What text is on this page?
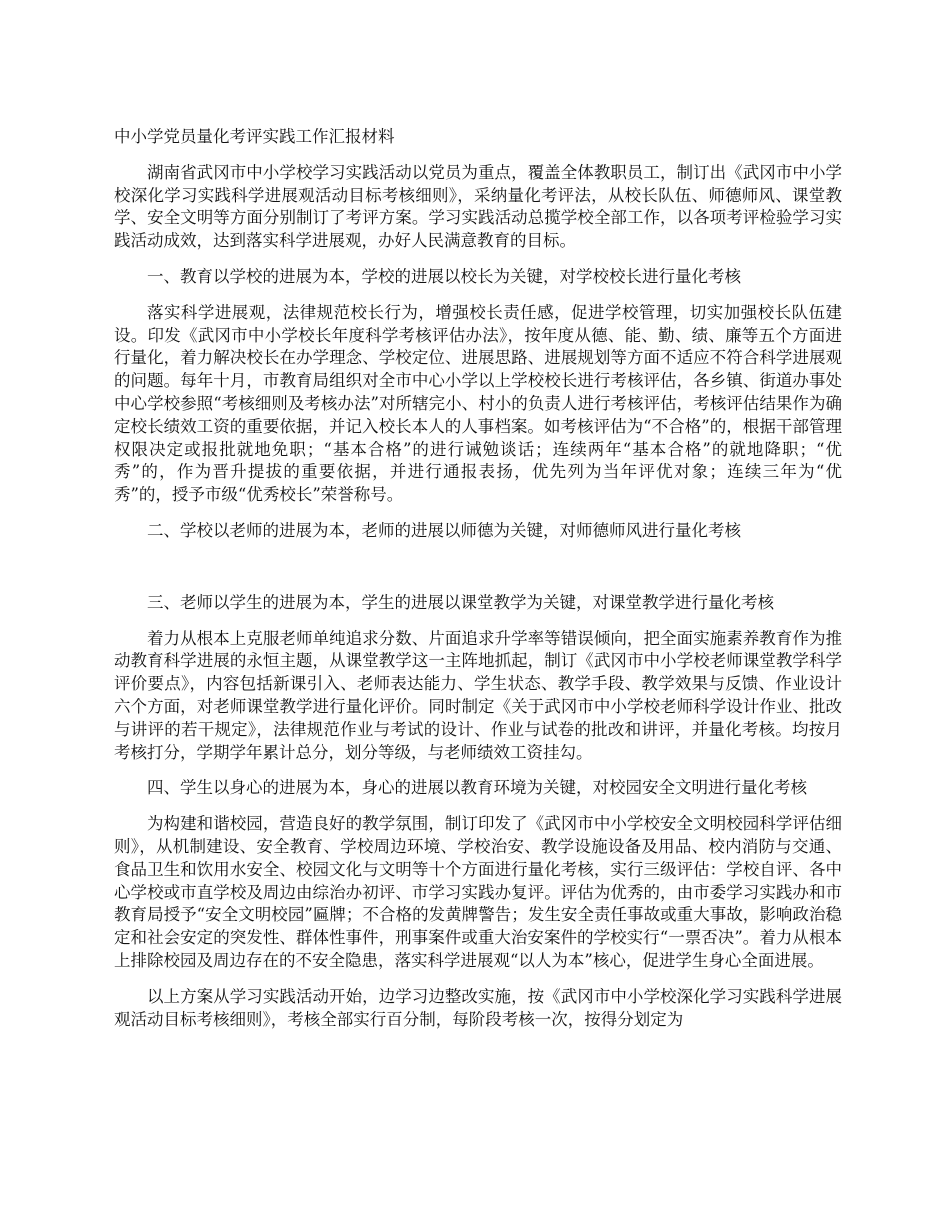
中小学党员量化考评实践工作汇报材料

湖南省武冈市中小学校学习实践活动以党员为重点，覆盖全体教职员工，制订出《武冈市中小学校深化学习实践科学进展观活动目标考核细则》，采纳量化考评法，从校长队伍、师德师风、课堂教学、安全文明等方面分别制订了考评方案。学习实践活动总揽学校全部工作，以各项考评检验学习实践活动成效，达到落实科学进展观，办好人民满意教育的目标。

一、教育以学校的进展为本，学校的进展以校长为关键，对学校校长进行量化考核

落实科学进展观，法律规范校长行为，增强校长责任感，促进学校管理，切实加强校长队伍建设。印发《武冈市中小学校长年度科学考核评估办法》，按年度从德、能、勤、绩、廉等五个方面进行量化，着力解决校长在办学理念、学校定位、进展思路、进展规划等方面不适应不符合科学进展观的问题。每年十月，市教育局组织对全市中心小学以上学校校长进行考核评估，各乡镇、街道办事处中心学校参照“考核细则及考核办法”对所辖完小、村小的负责人进行考核评估，考核评估结果作为确定校长绩效工资的重要依据，并记入校长本人的人事档案。如考核评估为“不合格”的，根据干部管理权限决定或报批就地免职；“基本合格”的进行诫勉谈话；连续两年“基本合格”的就地降职；“优秀”的，作为晋升提拔的重要依据，并进行通报表扬，优先列为当年评优对象；连续三年为“优秀”的，授予市级“优秀校长”荣誉称号。

二、学校以老师的进展为本，老师的进展以师德为关键，对师德师风进行量化考核

三、老师以学生的进展为本，学生的进展以课堂教学为关键，对课堂教学进行量化考核

着力从根本上克服老师单纯追求分数、片面追求升学率等错误倾向，把全面实施素养教育作为推动教育科学进展的永恒主题，从课堂教学这一主阵地抓起，制订《武冈市中小学校老师课堂教学科学评价要点》，内容包括新课引入、老师表达能力、学生状态、教学手段、教学效果与反馈、作业设计六个方面，对老师课堂教学进行量化评价。同时制定《关于武冈市中小学校老师科学设计作业、批改与讲评的若干规定》，法律规范作业与考试的设计、作业与试卷的批改和讲评，并量化考核。均按月考核打分，学期学年累计总分，划分等级，与老师绩效工资挂勾。

四、学生以身心的进展为本，身心的进展以教育环境为关键，对校园安全文明进行量化考核

为构建和谐校园，营造良好的教学氛围，制订印发了《武冈市中小学校安全文明校园科学评估细则》，从机制建设、安全教育、学校周边环境、学校治安、教学设施设备及用品、校内消防与交通、食品卫生和饮用水安全、校园文化与文明等十个方面进行量化考核，实行三级评估：学校自评、各中心学校或市直学校及周边由综治办初评、市学习实践办复评。评估为优秀的，由市委学习实践办和市教育局授予“安全文明校园”匾牌；不合格的发黄牌警告；发生安全责任事故或重大事故，影响政治稳定和社会安定的突发性、群体性事件，刑事案件或重大治安案件的学校实行“一票否决”。着力从根本上排除校园及周边存在的不安全隐患，落实科学进展观“以人为本”核心，促进学生身心全面进展。

以上方案从学习实践活动开始，边学习边整改实施，按《武冈市中小学校深化学习实践科学进展观活动目标考核细则》，考核全部实行百分制，每阶段考核一次，按得分划定为
